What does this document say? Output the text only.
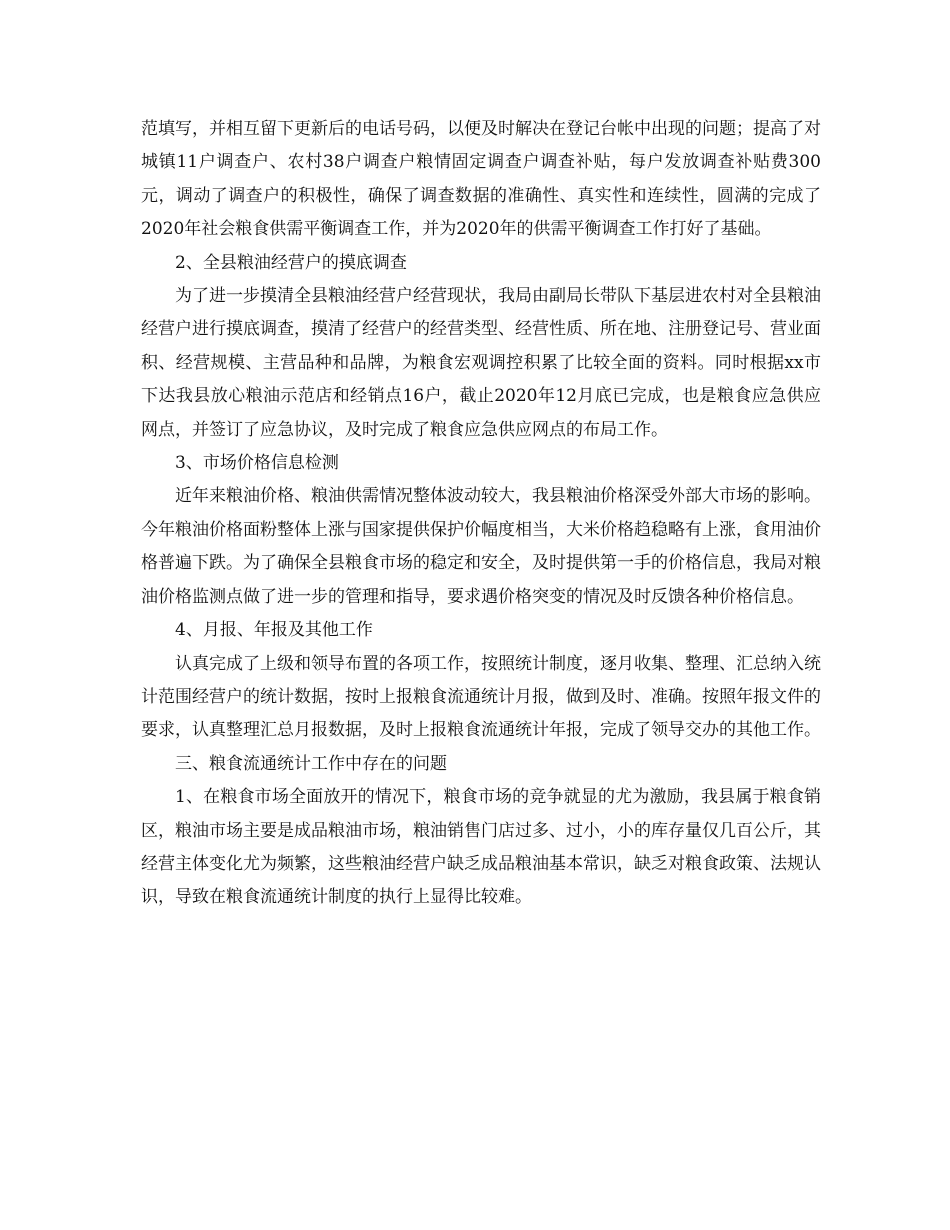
范填写，并相互留下更新后的电话号码，以便及时解决在登记台帐中出现的问题；提高了对城镇11户调查户、农村38户调查户粮情固定调查户调查补贴，每户发放调查补贴费300元，调动了调查户的积极性，确保了调查数据的准确性、真实性和连续性，圆满的完成了2020年社会粮食供需平衡调查工作，并为2020年的供需平衡调查工作打好了基础。

2、全县粮油经营户的摸底调查

为了进一步摸清全县粮油经营户经营现状，我局由副局长带队下基层进农村对全县粮油经营户进行摸底调查，摸清了经营户的经营类型、经营性质、所在地、注册登记号、营业面积、经营规模、主营品种和品牌，为粮食宏观调控积累了比较全面的资料。同时根据xx市下达我县放心粮油示范店和经销点16户，截止2020年12月底已完成，也是粮食应急供应网点，并签订了应急协议，及时完成了粮食应急供应网点的布局工作。

3、市场价格信息检测

近年来粮油价格、粮油供需情况整体波动较大，我县粮油价格深受外部大市场的影响。今年粮油价格面粉整体上涨与国家提供保护价幅度相当，大米价格趋稳略有上涨，食用油价格普遍下跌。为了确保全县粮食市场的稳定和安全，及时提供第一手的价格信息，我局对粮油价格监测点做了进一步的管理和指导，要求遇价格突变的情况及时反馈各种价格信息。

4、月报、年报及其他工作

认真完成了上级和领导布置的各项工作，按照统计制度，逐月收集、整理、汇总纳入统计范围经营户的统计数据，按时上报粮食流通统计月报，做到及时、准确。按照年报文件的要求，认真整理汇总月报数据，及时上报粮食流通统计年报，完成了领导交办的其他工作。

三、粮食流通统计工作中存在的问题

1、在粮食市场全面放开的情况下，粮食市场的竞争就显的尤为激励，我县属于粮食销区，粮油市场主要是成品粮油市场，粮油销售门店过多、过小，小的库存量仅几百公斤，其经营主体变化尤为频繁，这些粮油经营户缺乏成品粮油基本常识，缺乏对粮食政策、法规认识，导致在粮食流通统计制度的执行上显得比较难。
